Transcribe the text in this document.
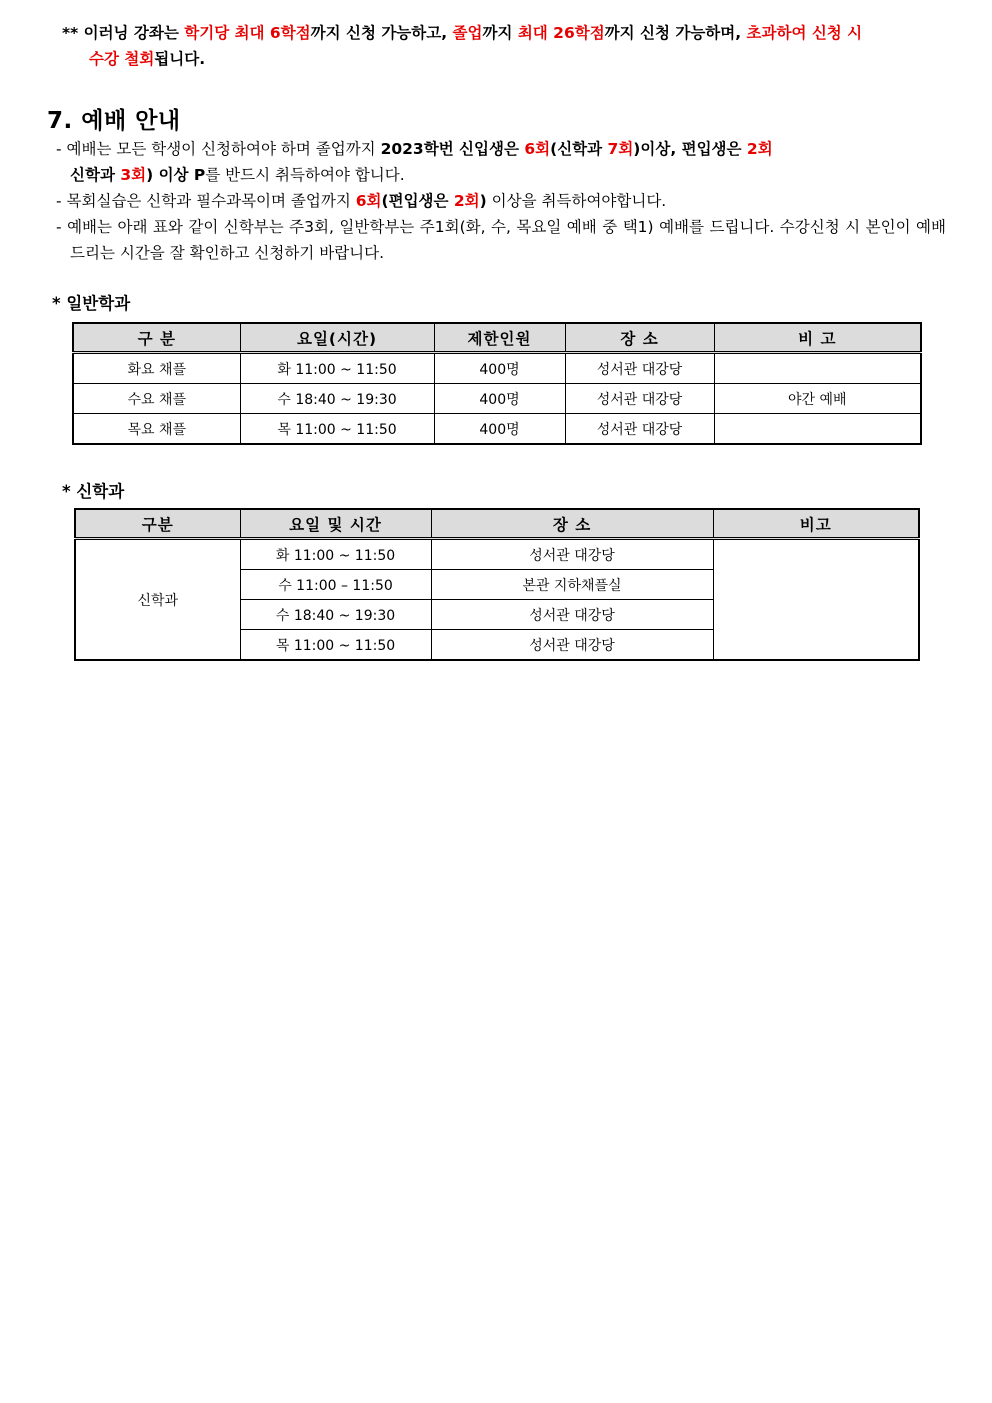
** 이러닝 강좌는 학기당 최대 6학점까지 신청 가능하고, 졸업까지 최대 26학점까지 신청 가능하며, 초과하여 신청 시
수강 철회됩니다.
7. 예배 안내
- 예배는 모든 학생이 신청하여야 하며 졸업까지 2023학번 신입생은 6회(신학과 7회)이상, 편입생은 2회
신학과 3회) 이상 P를 반드시 취득하여야 합니다.
- 목회실습은 신학과 필수과목이며 졸업까지 6회(편입생은 2회) 이상을 취득하여야합니다.
- 예배는 아래 표와 같이 신학부는 주3회, 일반학부는 주1회(화, 수, 목요일 예배 중 택1) 예배를 드립니다. 수강신청 시 본인이 예배드리는 시간을 잘 확인하고 신청하기 바랍니다.
* 일반학과
구 분	요일(시간)	제한인원	장 소	비 고
화요 채플	화 11:00 ~ 11:50	400명	성서관 대강당	
수요 채플	수 18:40 ~ 19:30	400명	성서관 대강당	야간 예배
목요 채플	목 11:00 ~ 11:50	400명	성서관 대강당	
* 신학과
구분	요일 및 시간	장 소	비고
신학과	화 11:00 ~ 11:50	성서관 대강당	
	수 11:00 – 11:50	본관 지하채플실	
	수 18:40 ~ 19:30	성서관 대강당	
	목 11:00 ~ 11:50	성서관 대강당	
